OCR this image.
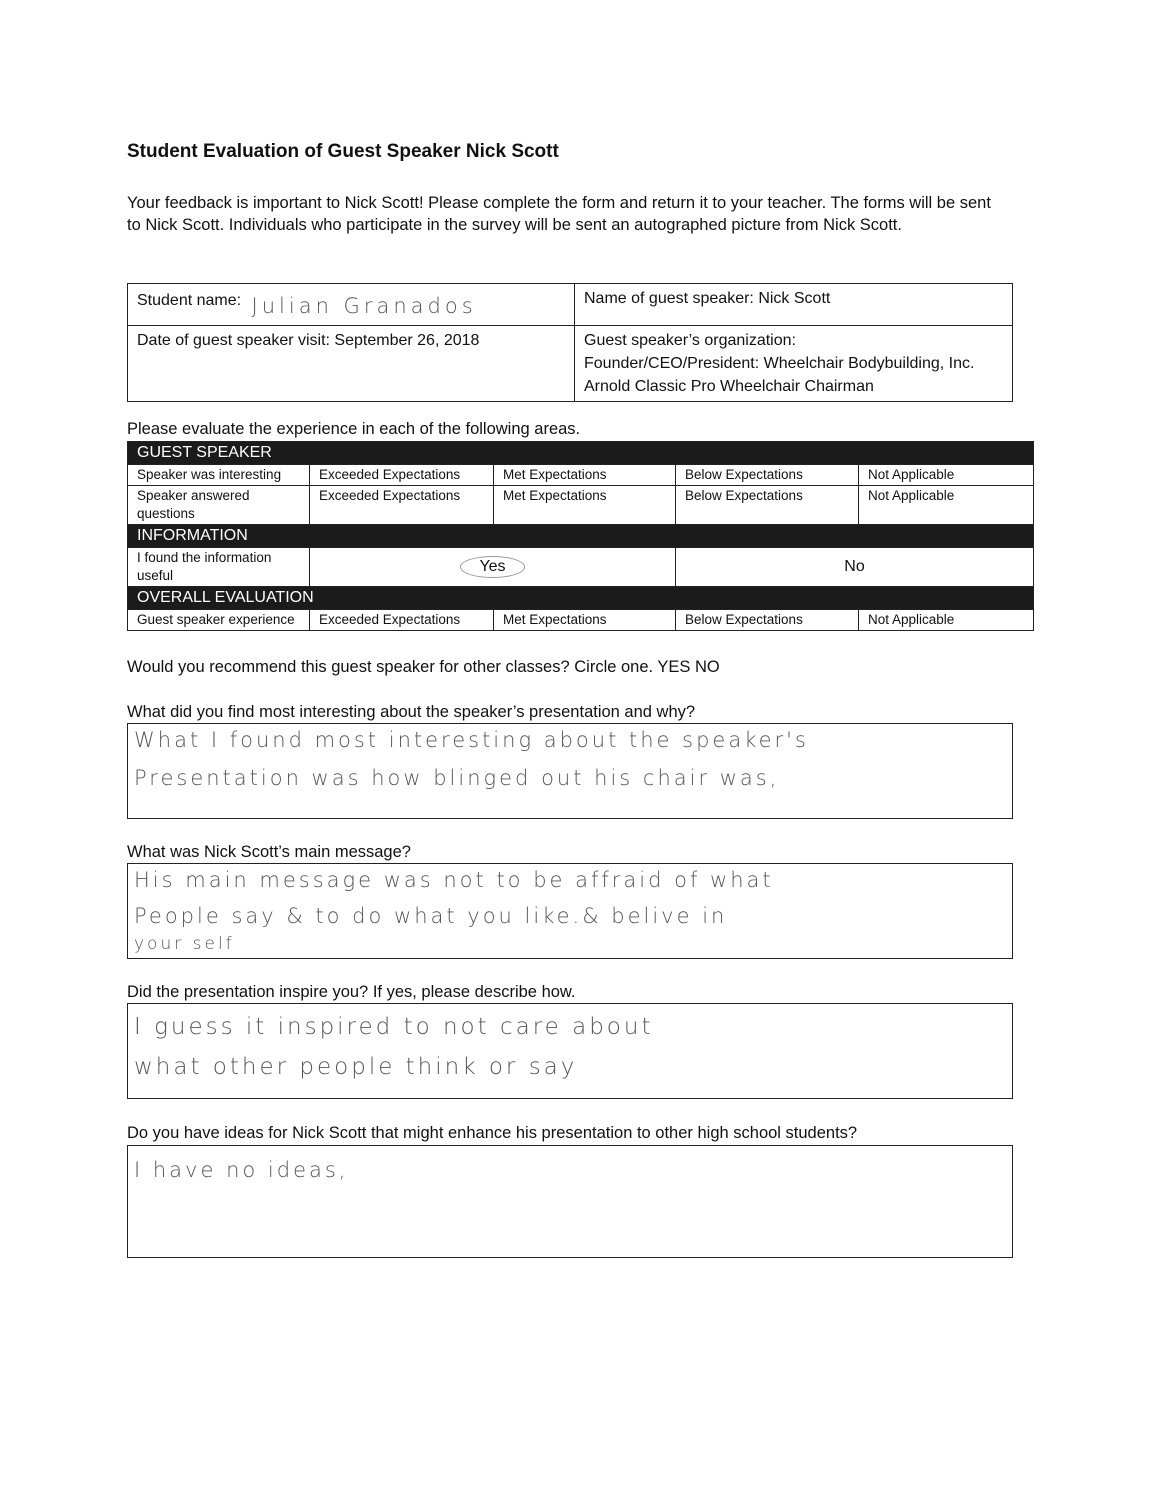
Student Evaluation of Guest Speaker Nick Scott
Your feedback is important to Nick Scott! Please complete the form and return it to your teacher. The forms will be sent to Nick Scott. Individuals who participate in the survey will be sent an autographed picture from Nick Scott.
Student name: Julian Granados	Name of guest speaker: Nick Scott
Date of guest speaker visit: September 26, 2018	Guest speaker’s organization:
Founder/CEO/President: Wheelchair Bodybuilding, Inc.
Arnold Classic Pro Wheelchair Chairman
Please evaluate the experience in each of the following areas.
GUEST SPEAKER				
Speaker was interesting	Exceeded Expectations	Met Expectations	Below Expectations	Not Applicable
Speaker answered questions	Exceeded Expectations	Met Expectations	Below Expectations	Not Applicable
INFORMATION				
I found the information useful	Yes		No	
OVERALL EVALUATION				
Guest speaker experience	Exceeded Expectations	Met Expectations	Below Expectations	Not Applicable
Would you recommend this guest speaker for other classes? Circle one. YES NO
What did you find most interesting about the speaker’s presentation and why?
What I found most interesting about the speaker's
Presentation was how blinged out his chair was,
What was Nick Scott’s main message?
His main message was not to be affraid of what
People say & to do what you like.& belive in
your self
Did the presentation inspire you? If yes, please describe how.
I guess it inspired to not care about
what other people think or say
Do you have ideas for Nick Scott that might enhance his presentation to other high school students?
I have no ideas,
